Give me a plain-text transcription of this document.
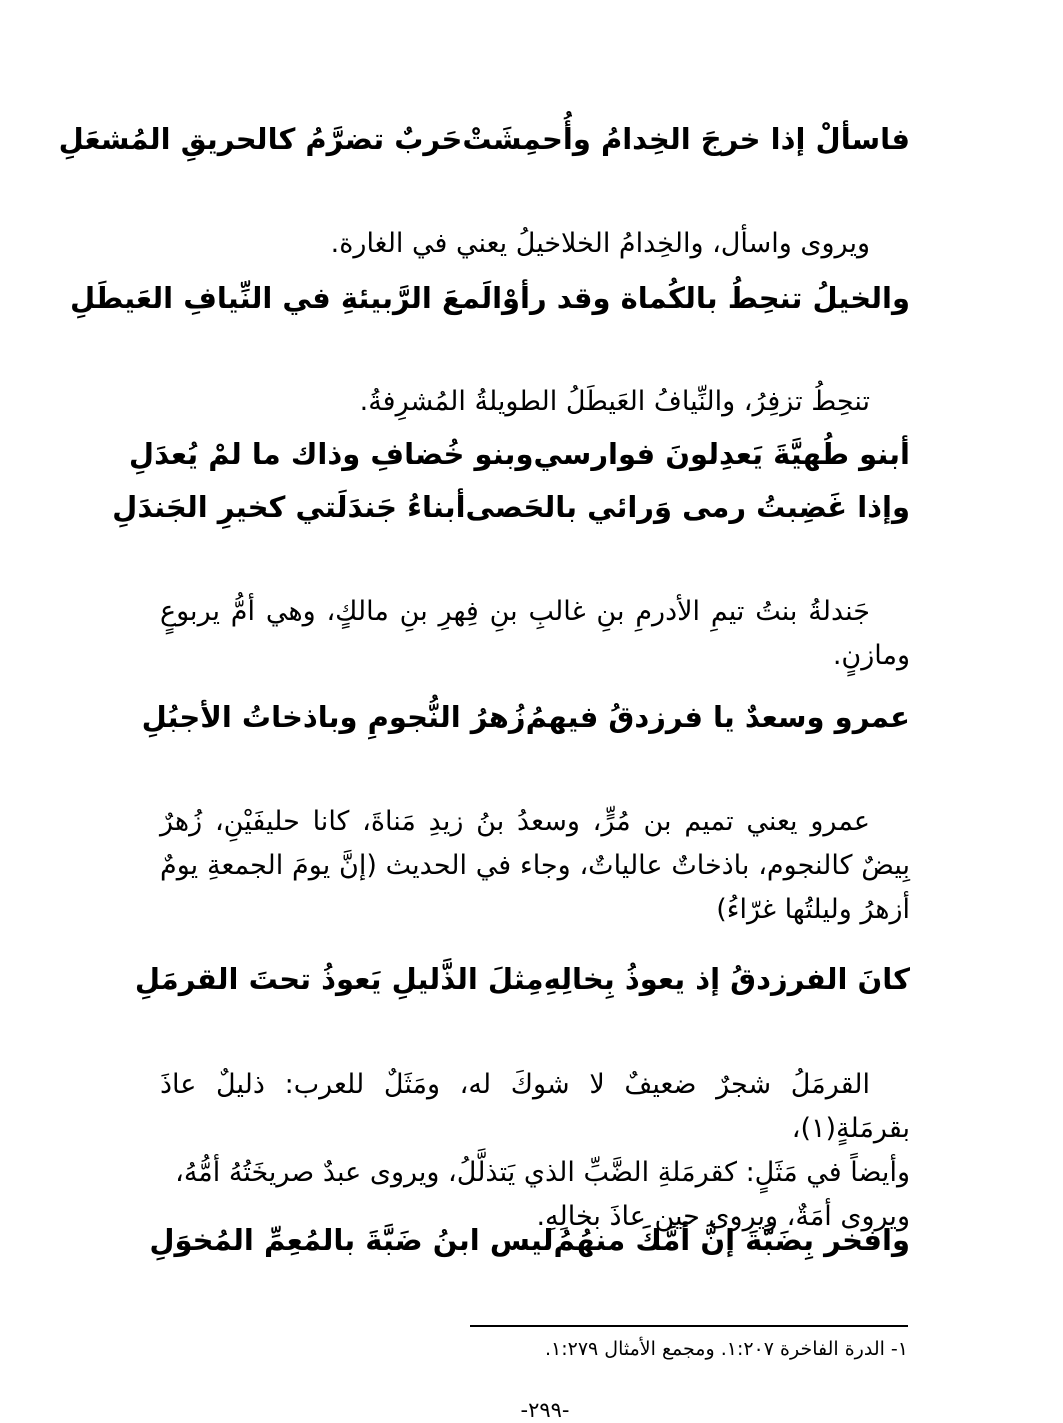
فاسألْ إذا خرجَ الخِدامُ وأُحمِشَتْ
حَربٌ تضرَّمُ كالحريقِ المُشعَلِ

ويروى واسأل، والخِدامُ الخلاخيلُ يعني في الغارة.

والخيلُ تنحِطُ بالكُماة وقد رأوْا
لَمعَ الرَّبيئةِ في النِّيافِ العَيطَلِ

تنحِطُ تزفِرُ، والنِّيافُ العَيطَلُ الطويلةُ المُشرِفةُ.

أبنو طُهيَّةَ يَعدِلونَ فوارسي
وبنو خُضافِ وذاك ما لمْ يُعدَلِ
وإذا غَضِبتُ رمى وَرائي بالحَصى
أبناءُ جَندَلَتي كخيرِ الجَندَلِ

جَندلةُ بنتُ تيمِ الأدرمِ بنِ غالبِ بنِ فِهرِ بنِ مالكٍ، وهي أمُّ يربوعٍ ومازنٍ.

عمرو وسعدٌ يا فرزدقُ فيهمُ
زُهرُ النُّجومِ وباذخاتُ الأجبُلِ

عمرو يعني تميم بن مُرٍّ، وسعدُ بنُ زيدِ مَناةَ، كانا حليفَيْنِ، زُهرٌ بِيضٌ كالنجوم، باذخاتٌ عالياتٌ، وجاء في الحديث (إنَّ يومَ الجمعةِ يومٌ أزهرُ وليلتُها غرّاءُ)

كانَ الفرزدقُ إذ يعوذُ بِخالِهِ
مِثلَ الذَّليلِ يَعوذُ تحتَ القرمَلِ

القرمَلُ شجرٌ ضعيفٌ لا شوكَ له، ومَثَلٌ للعرب: ذليلٌ عاذَ بقرمَلةٍ(١)،

وأيضاً في مَثَلٍ: كقرمَلةِ الضَّبِّ الذي يَتذلَّلُ، ويروى عبدٌ صريخَتُهُ أمُّهُ،

ويروى أمَةٌ، ويروى حين عاذَ بخالِهِ.

وافخر بِضَبَّةَ إنَّ أمَّكَ منهُمُ
ليس ابنُ ضَبَّةَ بالمُعِمِّ المُخوَلِ
١- الدرة الفاخرة ١:٢٠٧. ومجمع الأمثال ١:٢٧٩.
-٢٩٩-
